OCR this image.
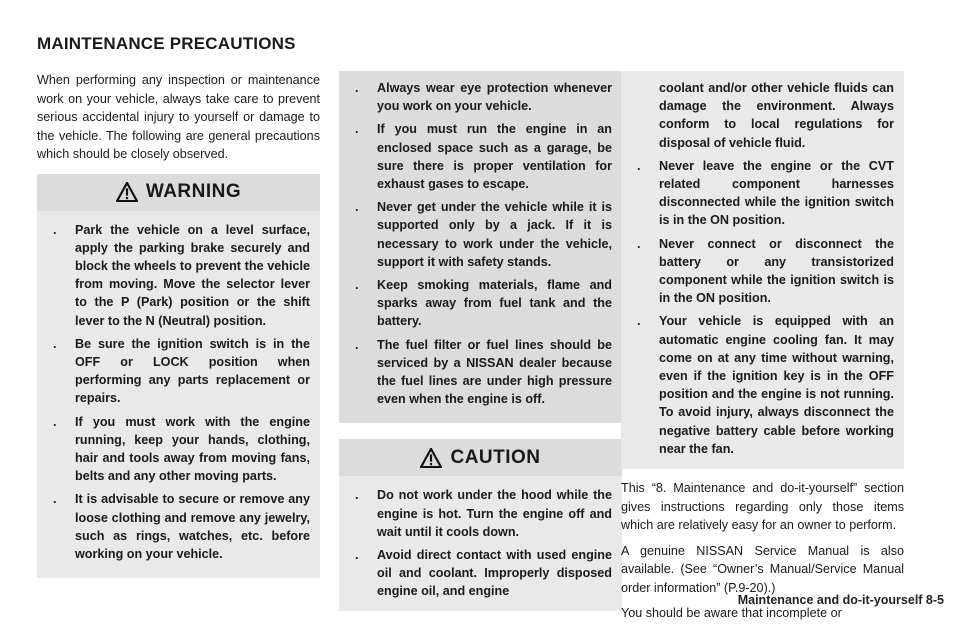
MAINTENANCE PRECAUTIONS

When performing any inspection or maintenance work on your vehicle, always take care to prevent serious accidental injury to yourself or damage to the vehicle. The following are general precautions which should be closely observed.

WARNING
. Park the vehicle on a level surface, apply the parking brake securely and block the wheels to prevent the vehicle from moving. Move the selector lever to the P (Park) position or the shift lever to the N (Neutral) position.
. Be sure the ignition switch is in the OFF or LOCK position when performing any parts replacement or repairs.
. If you must work with the engine running, keep your hands, clothing, hair and tools away from moving fans, belts and any other moving parts.
. It is advisable to secure or remove any loose clothing and remove any jewelry, such as rings, watches, etc. before working on your vehicle.
. Always wear eye protection whenever you work on your vehicle.
. If you must run the engine in an enclosed space such as a garage, be sure there is proper ventilation for exhaust gases to escape.
. Never get under the vehicle while it is supported only by a jack. If it is necessary to work under the vehicle, support it with safety stands.
. Keep smoking materials, flame and sparks away from fuel tank and the battery.
. The fuel filter or fuel lines should be serviced by a NISSAN dealer because the fuel lines are under high pressure even when the engine is off.
CAUTION
. Do not work under the hood while the engine is hot. Turn the engine off and wait until it cools down.
. Avoid direct contact with used engine oil and coolant. Improperly disposed engine oil, and engine

coolant and/or other vehicle fluids can damage the environment. Always conform to local regulations for disposal of vehicle fluid.

. Never leave the engine or the CVT related component harnesses disconnected while the ignition switch is in the ON position.
. Never connect or disconnect the battery or any transistorized component while the ignition switch is in the ON position.
. Your vehicle is equipped with an automatic engine cooling fan. It may come on at any time without warning, even if the ignition key is in the OFF position and the engine is not running. To avoid injury, always disconnect the negative battery cable before working near the fan.

This “8. Maintenance and do-it-yourself” section gives instructions regarding only those items which are relatively easy for an owner to perform.

A genuine NISSAN Service Manual is also available. (See “Owner’s Manual/Service Manual order information” (P.9-20).)

You should be aware that incomplete or

Maintenance and do-it-yourself 8-5
